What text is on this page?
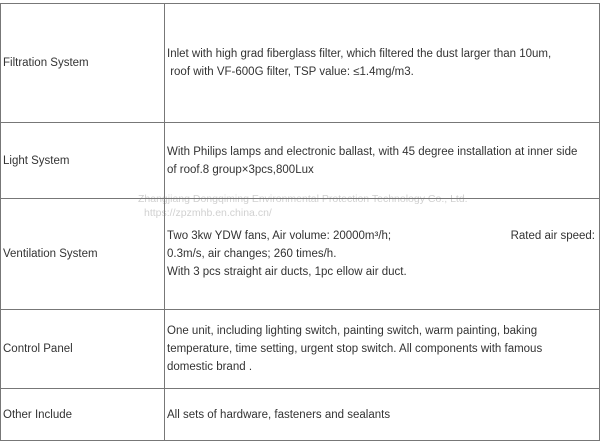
Filtration System	Inlet with high grad fiberglass filter, which filtered the dust larger than 10um,
roof with VF-600G filter, TSP value: ≤1.4mg/m3.

Light System	With Philips lamps and electronic ballast, with 45 degree installation at inner side
of roof.8 group×3pcs,800Lux

Ventilation System	Two 3kw YDW fans, Air volume: 20000m³/h; Rated air speed:
0.3m/s, air changes; 260 times/h.
With 3 pcs straight air ducts, 1pc ellow air duct.

Control Panel	One unit, including lighting switch, painting switch, warm painting, baking
temperature, time setting, urgent stop switch. All components with famous
domestic brand .

Other Include	All sets of hardware, fasteners and sealants
Zhangjiang Dongqiming Environmental Protection Technology Co., Ltd.
https://zpzmhb.en.china.cn/
